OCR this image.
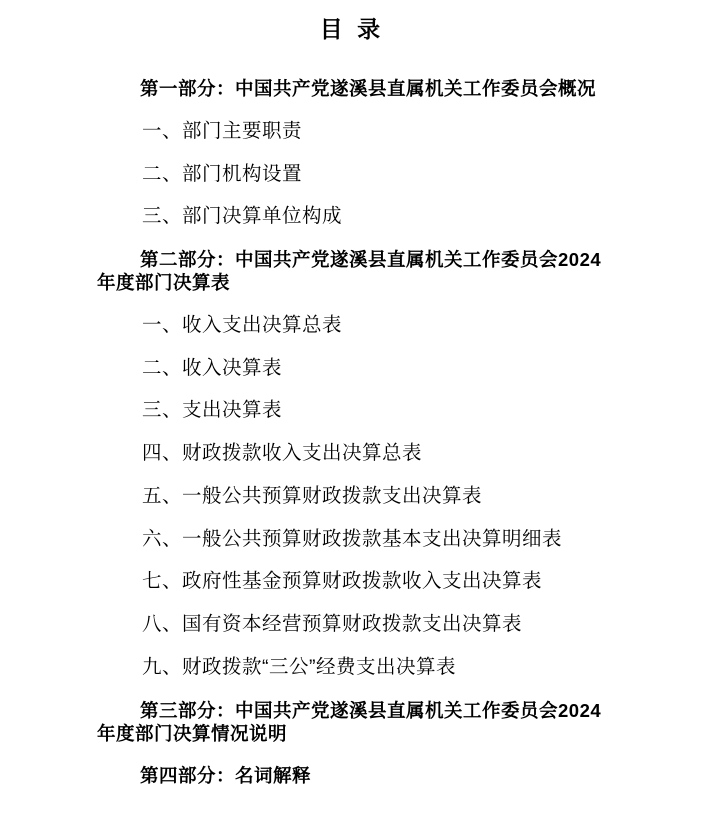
目 录
第一部分：中国共产党遂溪县直属机关工作委员会概况
一、部门主要职责
二、部门机构设置
三、部门决算单位构成
第二部分：中国共产党遂溪县直属机关工作委员会2024
年度部门决算表
一、收入支出决算总表
二、收入决算表
三、支出决算表
四、财政拨款收入支出决算总表
五、一般公共预算财政拨款支出决算表
六、一般公共预算财政拨款基本支出决算明细表
七、政府性基金预算财政拨款收入支出决算表
八、国有资本经营预算财政拨款支出决算表
九、财政拨款“三公”经费支出决算表
第三部分：中国共产党遂溪县直属机关工作委员会2024
年度部门决算情况说明
第四部分：名词解释
